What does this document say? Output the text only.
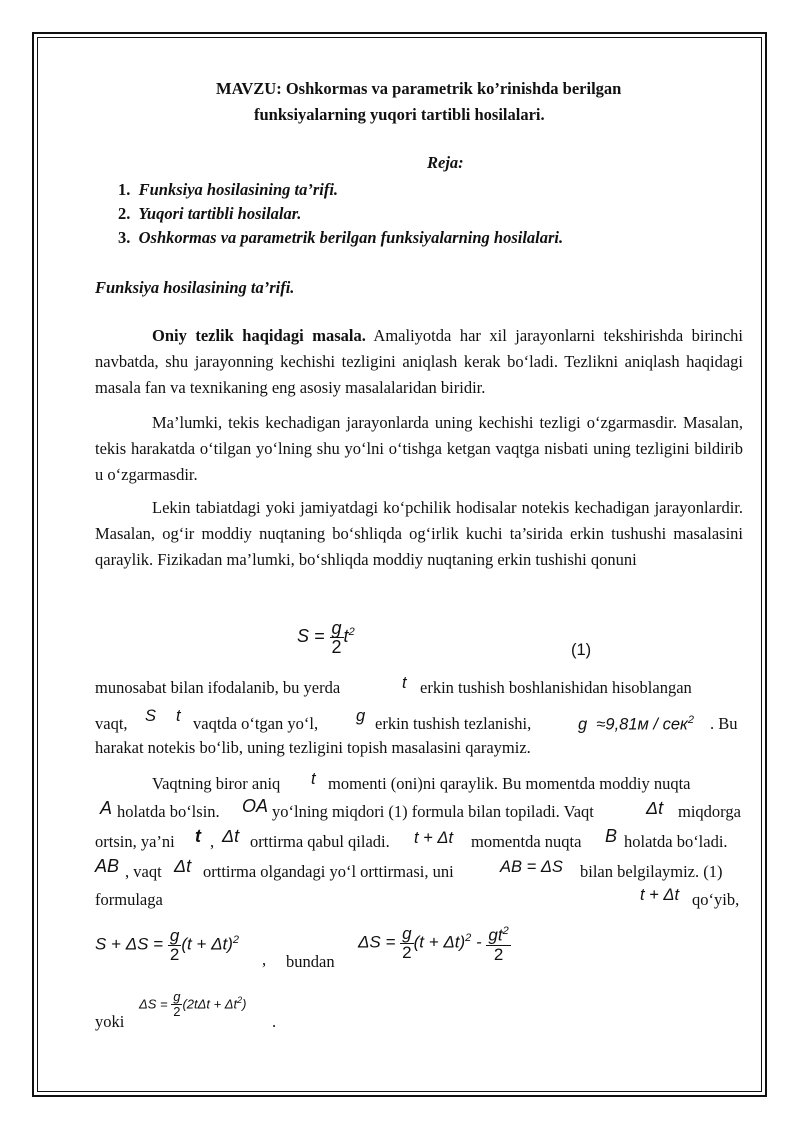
MAVZU: Oshkormas va parametrik ko’rinishda berilgan
funksiyalarning yuqori tartibli hosilalari.
Reja:
1. Funksiya hosilasining ta’rifi.
2. Yuqori tartibli hosilalar.
3. Oshkormas va parametrik berilgan funksiyalarning hosilalari.
Funksiya hosilasining ta’rifi.
Oniy tezlik haqidagi masala. Amaliyotda har xil jarayonlarni tekshirishda birinchi navbatda, shu jarayonning kechishi tezligini aniqlash kerak bo‘ladi. Tezlikni aniqlash haqidagi masala fan va texnikaning eng asosiy masalalaridan biridir.
Ma’lumki, tekis kechadigan jarayonlarda uning kechishi tezligi o‘zgarmasdir. Masalan, tekis harakatda o‘tilgan yo‘lning shu yo‘lni o‘tishga ketgan vaqtga nisbati uning tezligini bildirib u o‘zgarmasdir.
Lekin tabiatdagi yoki jamiyatdagi ko‘pchilik hodisalar notekis kechadigan jarayonlardir. Masalan, og‘ir moddiy nuqtaning bo‘shliqda og‘irlik kuchi ta’sirida erkin tushushi masalasini qaraylik. Fizikadan ma’lumki, bo‘shliqda moddiy nuqtaning erkin tushishi qonuni
$S = \frac{g}{2} t^2$
(1)
munosabat bilan ifodalanib, bu yerda	t erkin tushish boshlanishidan hisoblangan
vaqt, S t vaqtda o‘tgan yo‘l, g erkin tushish tezlanishi,	g  ≈9,81м / сек$^2$ . Bu
harakat notekis bo‘lib, uning tezligini topish masalasini qaraymiz.
Vaqtning biror aniq t momenti (oni)ni qaraylik. Bu momentda moddiy nuqta
A holatda bo‘lsin. OA yo‘lning miqdori (1) formula bilan topiladi. Vaqt	Δt miqdorga
ortsin, ya’ni t , Δt orttirma qabul qiladi. t + Δt momentda nuqta B holatda bo‘ladi.
AB , vaqt Δt orttirma olgandagi yo‘l orttirmasi, uni	AB = ΔS bilan belgilaymiz. (1)
formulaga	t + Δt qo‘yib,
$S + \Delta S = \frac{g}{2} (t + \Delta t)^2$
, bundan
$\Delta S = \frac{g}{2} (t + \Delta t)^2 - \frac{gt^2}{2}$
yoki
$\Delta S = \frac{g}{2} (2t\Delta t + \Delta t^2)$
.
